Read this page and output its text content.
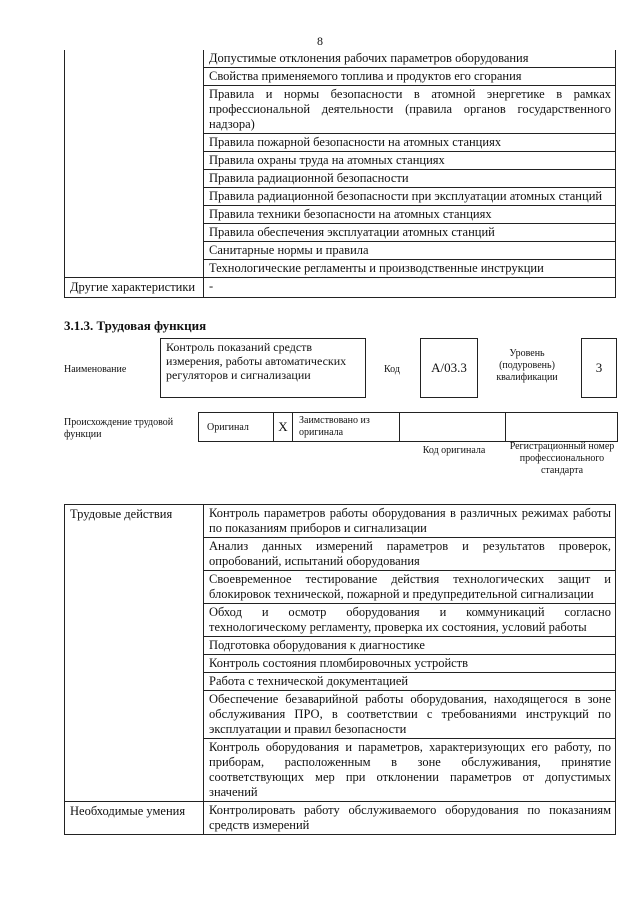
8
	Допустимые отклонения рабочих параметров оборудования
	Свойства применяемого топлива и продуктов его сгорания
	Правила и нормы безопасности в атомной энергетике в рамках профессиональной деятельности (правила органов государственного надзора)
	Правила пожарной безопасности на атомных станциях
	Правила охраны труда на атомных станциях
	Правила радиационной безопасности
	Правила радиационной безопасности при эксплуатации атомных станций
	Правила техники безопасности на атомных станциях
	Правила обеспечения эксплуатации атомных станций
	Санитарные нормы и правила
	Технологические регламенты и производственные инструкции
Другие характеристики	-
3.1.3. Трудовая функция
Наименование
Контроль показаний средств измерения, работы автоматических регуляторов и сигнализации	Код	А/03.3
Уровень (подуровень) квалификации
3
Происхождение трудовой функции
Оригинал	X	Заимствовано из оригинала
Код оригинала	Регистрационный номер профессионального стандарта
Трудовые действия	Контроль параметров работы оборудования в различных режимах работы по показаниям приборов и сигнализации
	Анализ данных измерений параметров и результатов проверок, опробований, испытаний оборудования
	Своевременное тестирование действия технологических защит и блокировок технической, пожарной и предупредительной сигнализации
	Обход и осмотр оборудования и коммуникаций согласно технологическому регламенту, проверка их состояния, условий работы
	Подготовка оборудования к диагностике
	Контроль состояния пломбировочных устройств
	Работа с технической документацией
	Обеспечение безаварийной работы оборудования, находящегося в зоне обслуживания ПРО, в соответствии с требованиями инструкций по эксплуатации и правил безопасности
	Контроль оборудования и параметров, характеризующих его работу, по приборам, расположенным в зоне обслуживания, принятие соответствующих мер при отклонении параметров от допустимых значений
Необходимые умения	Контролировать работу обслуживаемого оборудования по показаниям средств измерений
